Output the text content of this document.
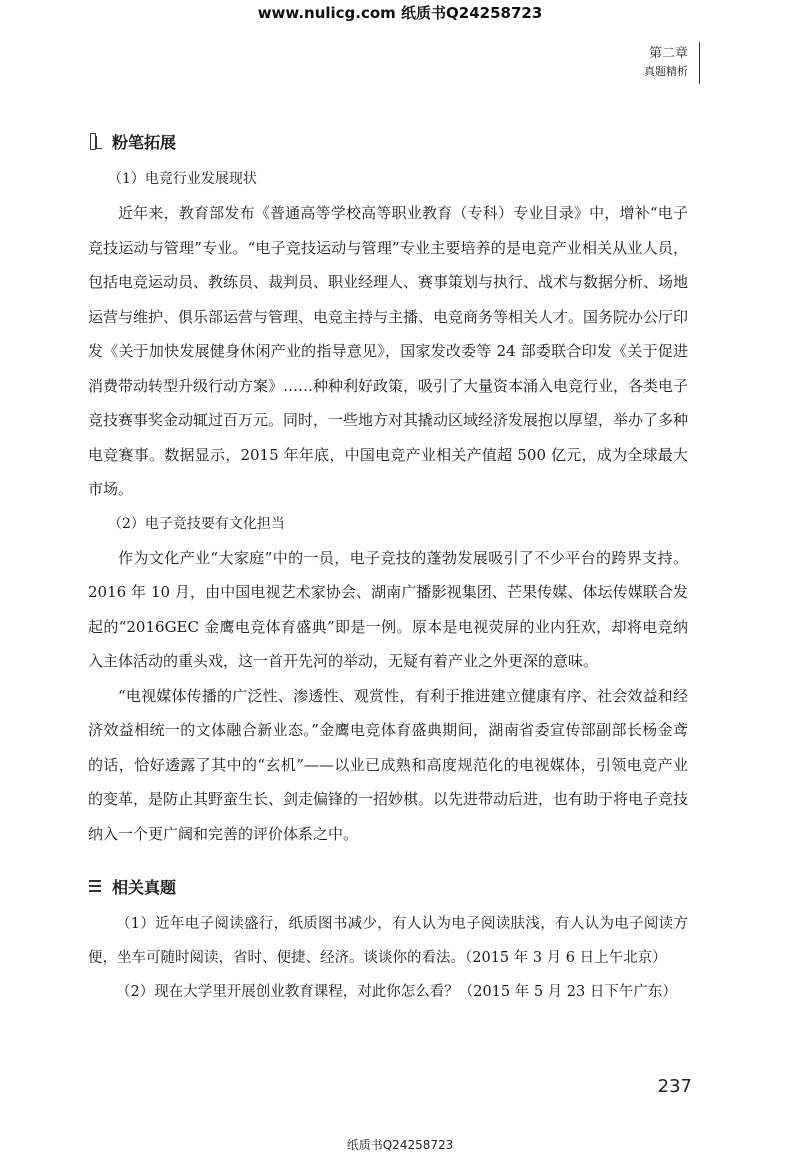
www.nulicg.com 纸质书Q24258723
第二章
真题精析
粉笔拓展

（1）电竞行业发展现状

近年来，教育部发布《普通高等学校高等职业教育（专科）专业目录》中，增补“电子竞技运动与管理”专业。“电子竞技运动与管理”专业主要培养的是电竞产业相关从业人员，包括电竞运动员、教练员、裁判员、职业经理人、赛事策划与执行、战术与数据分析、场地运营与维护、俱乐部运营与管理、电竞主持与主播、电竞商务等相关人才。国务院办公厅印发《关于加快发展健身休闲产业的指导意见》，国家发改委等 24 部委联合印发《关于促进消费带动转型升级行动方案》……种种利好政策，吸引了大量资本涌入电竞行业，各类电子竞技赛事奖金动辄过百万元。同时，一些地方对其撬动区域经济发展抱以厚望，举办了多种电竞赛事。数据显示，2015 年年底，中国电竞产业相关产值超 500 亿元，成为全球最大市场。

（2）电子竞技要有文化担当

作为文化产业“大家庭”中的一员，电子竞技的蓬勃发展吸引了不少平台的跨界支持。2016 年 10 月，由中国电视艺术家协会、湖南广播影视集团、芒果传媒、体坛传媒联合发起的“2016GEC 金鹰电竞体育盛典”即是一例。原本是电视荧屏的业内狂欢，却将电竞纳入主体活动的重头戏，这一首开先河的举动，无疑有着产业之外更深的意味。

“电视媒体传播的广泛性、渗透性、观赏性，有利于推进建立健康有序、社会效益和经济效益相统一的文体融合新业态。”金鹰电竞体育盛典期间，湖南省委宣传部副部长杨金鸢的话，恰好透露了其中的“玄机”——以业已成熟和高度规范化的电视媒体，引领电竞产业的变革，是防止其野蛮生长、剑走偏锋的一招妙棋。以先进带动后进，也有助于将电子竞技纳入一个更广阔和完善的评价体系之中。

相关真题

（1）近年电子阅读盛行，纸质图书减少，有人认为电子阅读肤浅，有人认为电子阅读方便，坐车可随时阅读，省时、便捷、经济。谈谈你的看法。（2015 年 3 月 6 日上午北京）

（2）现在大学里开展创业教育课程，对此你怎么看？（2015 年 5 月 23 日下午广东）

237
纸质书Q24258723
